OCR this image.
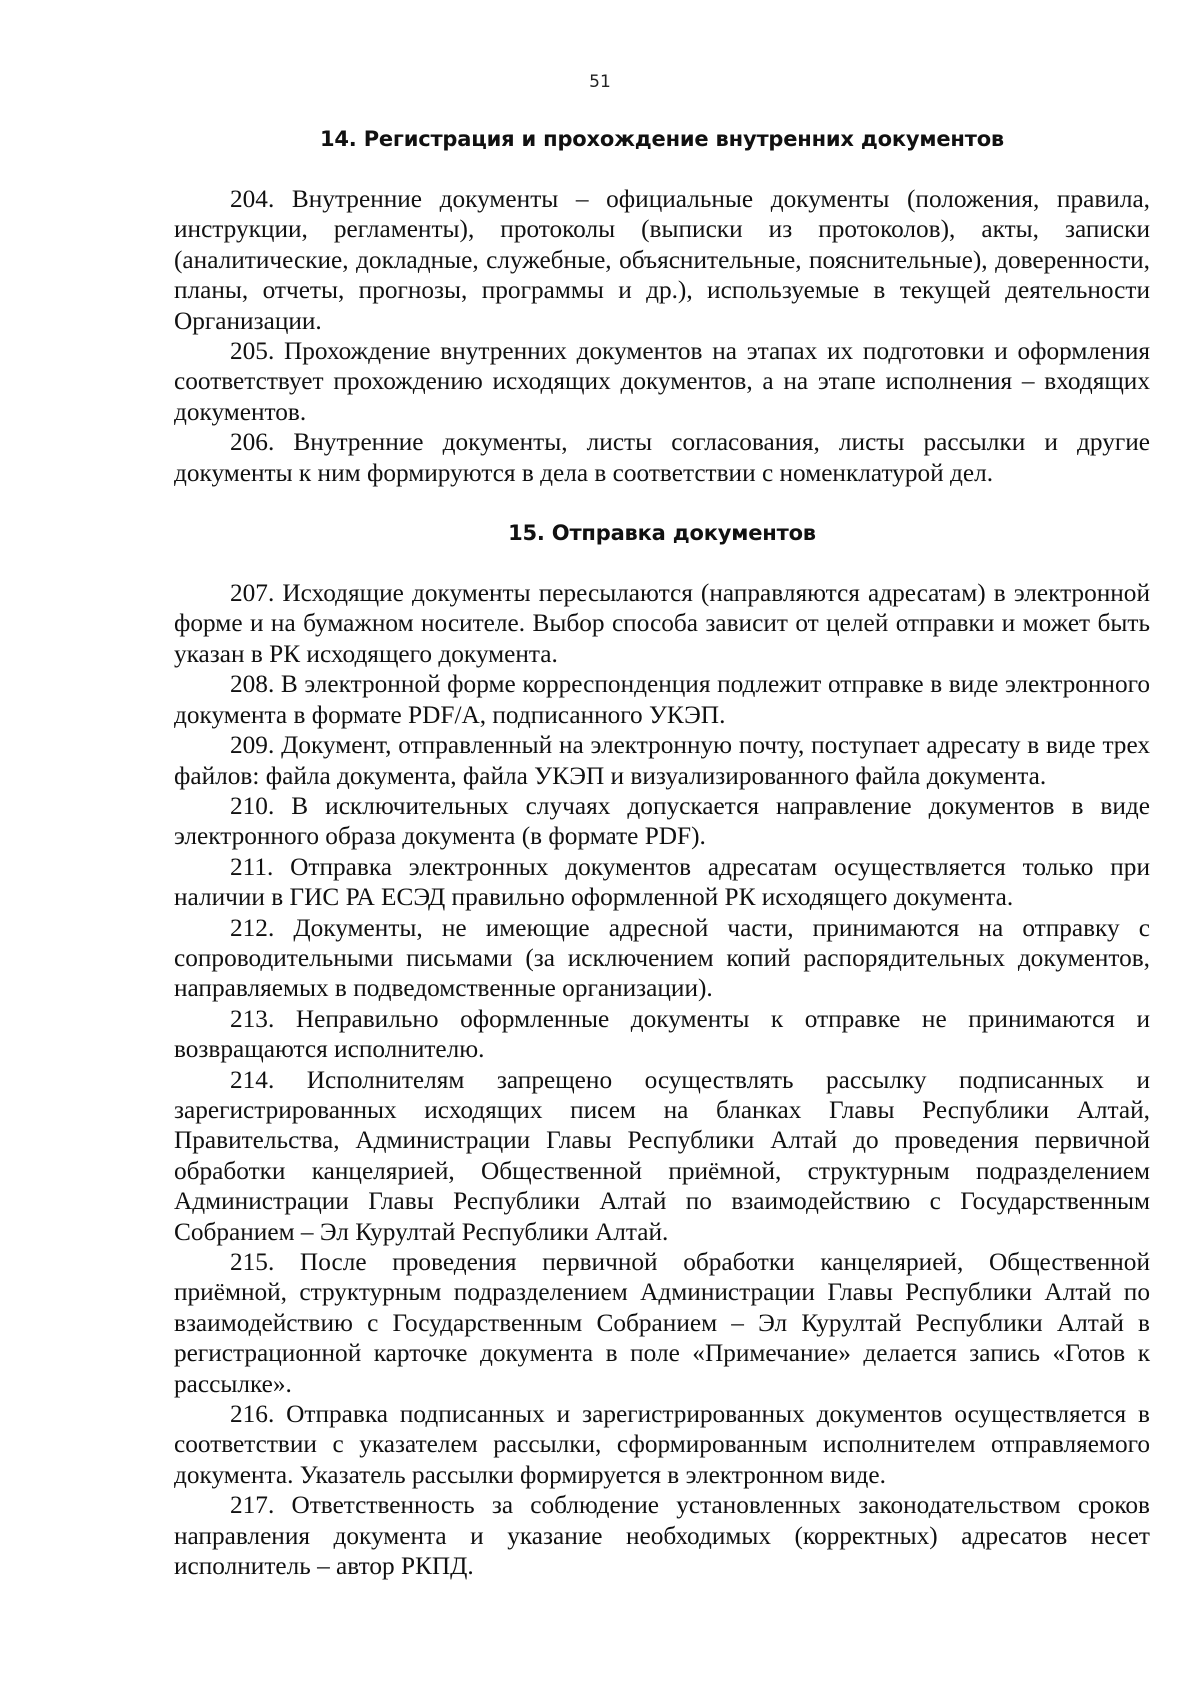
51
14. Регистрация и прохождение внутренних документов

204. Внутренние документы – официальные документы (положения, правила, инструкции, регламенты), протоколы (выписки из протоколов), акты, записки (аналитические, докладные, служебные, объяснительные, пояснительные), доверенности, планы, отчеты, прогнозы, программы и др.), используемые в текущей деятельности Организации.

205. Прохождение внутренних документов на этапах их подготовки и оформления соответствует прохождению исходящих документов, а на этапе исполнения – входящих документов.

206. Внутренние документы, листы согласования, листы рассылки и другие документы к ним формируются в дела в соответствии с номенклатурой дел.

15. Отправка документов

207. Исходящие документы пересылаются (направляются адресатам) в электронной форме и на бумажном носителе. Выбор способа зависит от целей отправки и может быть указан в РК исходящего документа.

208. В электронной форме корреспонденция подлежит отправке в виде электронного документа в формате PDF/A, подписанного УКЭП.

209. Документ, отправленный на электронную почту, поступает адресату в виде трех файлов: файла документа, файла УКЭП и визуализированного файла документа.

210. В исключительных случаях допускается направление документов в виде электронного образа документа (в формате PDF).

211. Отправка электронных документов адресатам осуществляется только при наличии в ГИС РА ЕСЭД правильно оформленной РК исходящего документа.

212. Документы, не имеющие адресной части, принимаются на отправку с сопроводительными письмами (за исключением копий распорядительных документов, направляемых в подведомственные организации).

213. Неправильно оформленные документы к отправке не принимаются и возвращаются исполнителю.

214. Исполнителям запрещено осуществлять рассылку подписанных и зарегистрированных исходящих писем на бланках Главы Республики Алтай, Правительства, Администрации Главы Республики Алтай до проведения первичной обработки канцелярией, Общественной приёмной, структурным подразделением Администрации Главы Республики Алтай по взаимодействию с Государственным Собранием – Эл Курултай Республики Алтай.

215. После проведения первичной обработки канцелярией, Общественной приёмной, структурным подразделением Администрации Главы Республики Алтай по взаимодействию с Государственным Собранием – Эл Курултай Республики Алтай в регистрационной карточке документа в поле «Примечание» делается запись «Готов к рассылке».

216. Отправка подписанных и зарегистрированных документов осуществляется в соответствии с указателем рассылки, сформированным исполнителем отправляемого документа. Указатель рассылки формируется в электронном виде.

217. Ответственность за соблюдение установленных законодательством сроков направления документа и указание необходимых (корректных) адресатов несет исполнитель – автор РКПД.
